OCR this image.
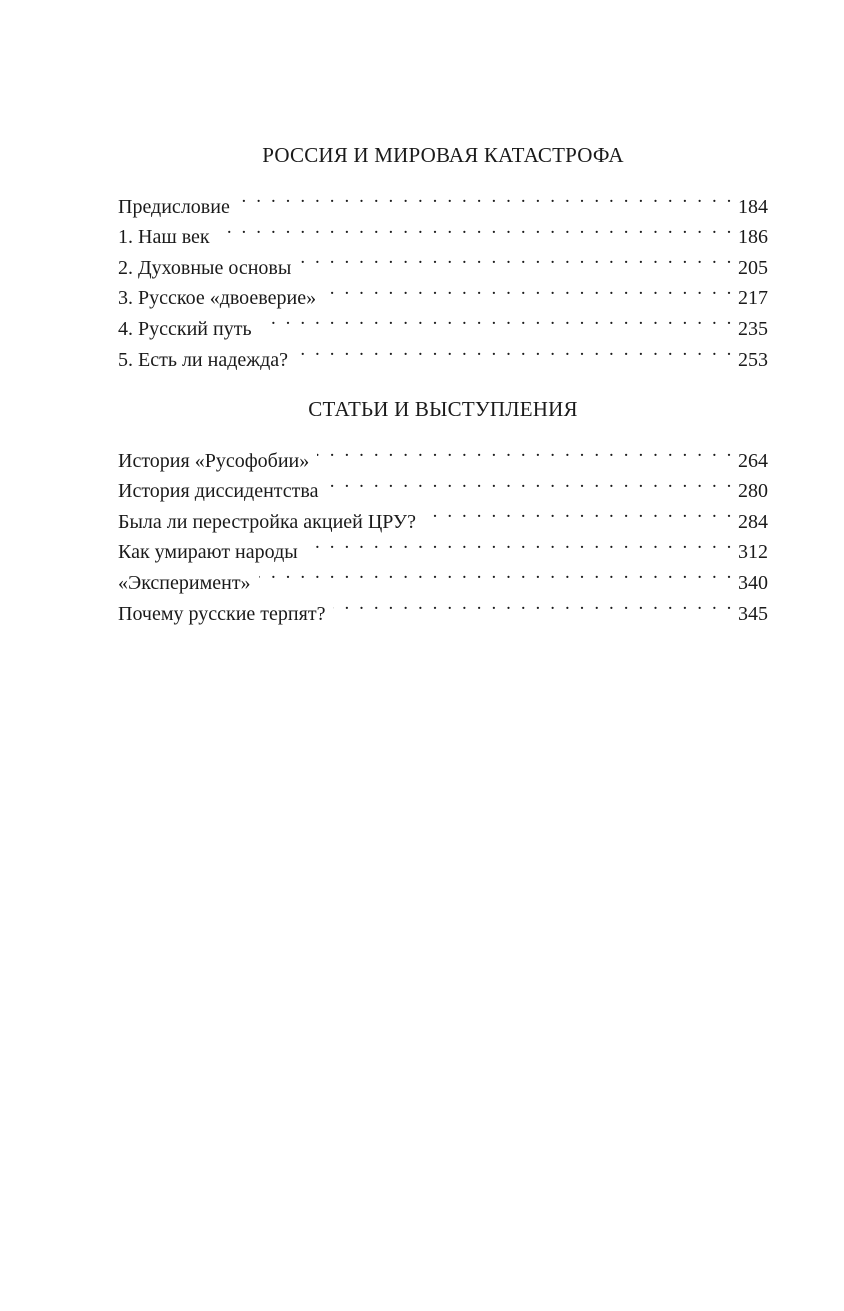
РОССИЯ И МИРОВАЯ КАТАСТРОФА
Предисловие . . .	184
1. Наш век . . .	186
2. Духовные основы . . .	205
3. Русское «двоеверие» . . .	217
4. Русский путь . . .	235
5. Есть ли надежда? . . .	253
СТАТЬИ И ВЫСТУПЛЕНИЯ
История «Русофобии» . . .	264
История диссидентства . . .	280
Была ли перестройка акцией ЦРУ? . . .	284
Как умирают народы . . .	312
«Эксперимент» . . .	340
Почему русские терпят? . . .	345
